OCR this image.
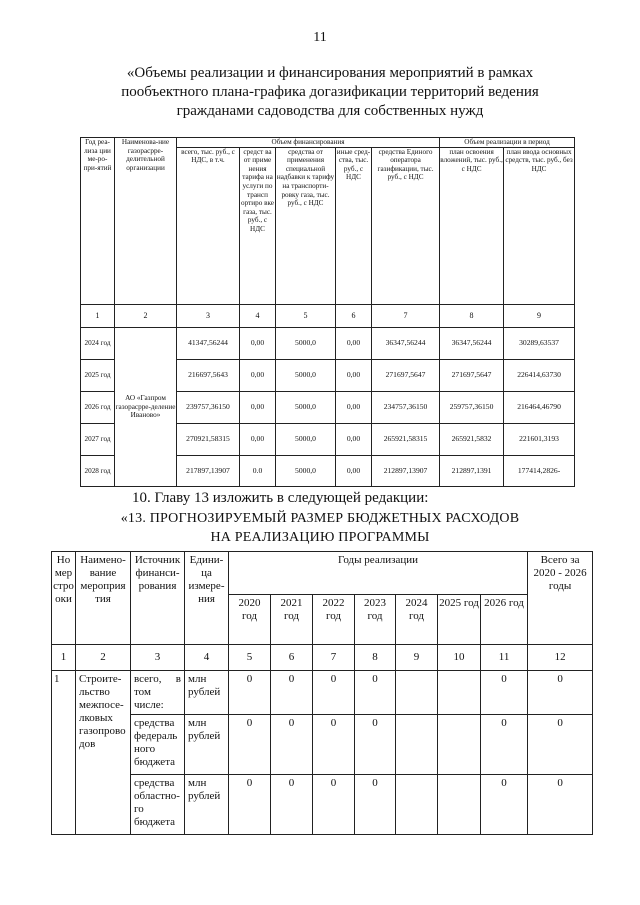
11
«Объемы реализации и финансирования мероприятий в рамках пообъектного плана-графика догазификации территорий ведения гражданами садоводства для собственных нужд
Год реа-лиза ции ме-ро-при-ятий	Наименова-ние газорасpре-делительной организации	Объем финансирования					Объем реализации в период	
		всего, тыс. руб., с НДС, в т.ч.	средст ва от приме нения тарифа на услуги по трансп ортиро вке газа, тыс. руб., с НДС	средства от применения специальной надбавки к тарифу на транспорти-ровку газа, тыс. руб., с НДС	иные сред-ства, тыс. руб., с НДС	средства Единого оператора газификации, тыс. руб., с НДС	план освоения вложений, тыс. руб., с НДС	план ввода основных средств, тыс. руб., без НДС
1	2	3	4	5	6	7	8	9
2024 год	АО «Газпром газорасpре-деление Иваново»	41347,56244	0,00	5000,0	0,00	36347,56244	36347,56244	30289,63537
2025 год		216697,5643	0,00	5000,0	0,00	271697,5647	271697,5647	226414,63730
2026 год		239757,36150	0,00	5000,0	0,00	234757,36150	259757,36150	216464,46790
2027 год		270921,58315	0,00	5000,0	0,00	265921,58315	265921,5832	221601,3193
2028 год		217897,13907	0.0	5000,0	0,00	212897,13907	212897,1391	177414,2826-
10. Главу 13 изложить в следующей редакции:
«13. ПРОГНОЗИРУЕМЫЙ РАЗМЕР БЮДЖЕТНЫХ РАСХОДОВ
НА РЕАЛИЗАЦИЮ ПРОГРАММЫ
Но мер стро оки	Наимено-вание мероприя тия	Источник финанси-рования	Едини-ца измере-ния	Годы реализации							Всего за 2020 - 2026 годы
				2020 год	2021 год	2022 год	2023 год	2024 год	2025 год	2026 год	
1	2	3	4	5	6	7	8	9	10	11	12
1	Строите-льство межпосе-лковых газопрово дов	всего, в том числе:	млн рублей	0	0	0	0			0	0
		средства федераль ного бюджета	млн рублей	0	0	0	0			0	0
		средства областно-го бюджета	млн рублей	0	0	0	0			0	0
